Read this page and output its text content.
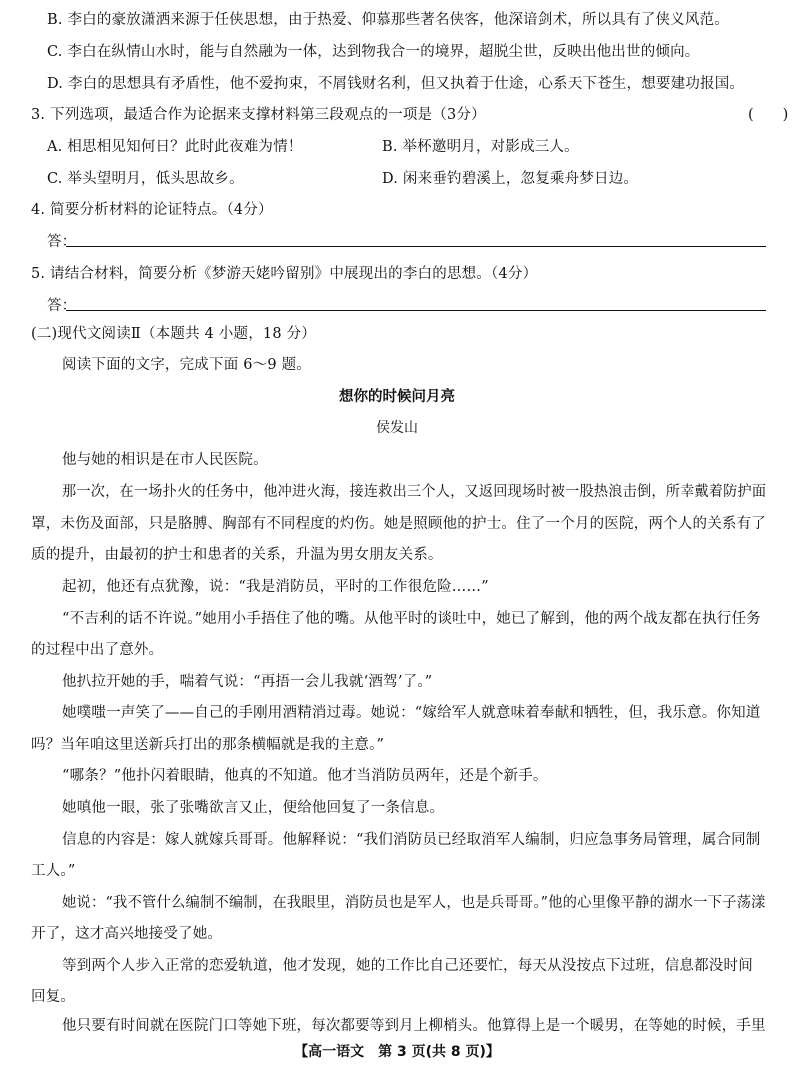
B. 李白的豪放潇洒来源于任侠思想，由于热爱、仰慕那些著名侠客，他深谙剑术，所以具有了侠义风范。
C. 李白在纵情山水时，能与自然融为一体，达到物我合一的境界，超脱尘世，反映出他出世的倾向。
D. 李白的思想具有矛盾性，他不爱拘束，不屑钱财名利，但又执着于仕途，心系天下苍生，想要建功报国。
3. 下列选项，最适合作为论据来支撑材料第三段观点的一项是（3分）	(　　)
A. 相思相见知何日？此时此夜难为情！	B. 举杯邀明月，对影成三人。
C. 举头望明月，低头思故乡。	D. 闲来垂钓碧溪上，忽复乘舟梦日边。
4. 简要分析材料的论证特点。（4分）
答：
5. 请结合材料，简要分析《梦游天姥吟留别》中展现出的李白的思想。（4分）
答：
(二)现代文阅读Ⅱ（本题共 4 小题，18 分）
阅读下面的文字，完成下面 6～9 题。
想你的时候问月亮
侯发山
他与她的相识是在市人民医院。
那一次，在一场扑火的任务中，他冲进火海，接连救出三个人，又返回现场时被一股热浪击倒，所幸戴着防护面
罩，未伤及面部，只是胳膊、胸部有不同程度的灼伤。她是照顾他的护士。住了一个月的医院，两个人的关系有了
质的提升，由最初的护士和患者的关系，升温为男女朋友关系。
起初，他还有点犹豫，说：“我是消防员，平时的工作很危险……”
“不吉利的话不许说。”她用小手捂住了他的嘴。从他平时的谈吐中，她已了解到，他的两个战友都在执行任务
的过程中出了意外。
他扒拉开她的手，喘着气说：“再捂一会儿我就‘酒驾’了。”
她噗嗤一声笑了——自己的手刚用酒精消过毒。她说：“嫁给军人就意味着奉献和牺牲，但，我乐意。你知道
吗？当年咱这里送新兵打出的那条横幅就是我的主意。”
“哪条？”他扑闪着眼睛，他真的不知道。他才当消防员两年，还是个新手。
她嗔他一眼，张了张嘴欲言又止，便给他回复了一条信息。
信息的内容是：嫁人就嫁兵哥哥。他解释说：“我们消防员已经取消军人编制，归应急事务局管理，属合同制
工人。”
她说：“我不管什么编制不编制，在我眼里，消防员也是军人，也是兵哥哥。”他的心里像平静的湖水一下子荡漾
开了，这才高兴地接受了她。
等到两个人步入正常的恋爱轨道，他才发现，她的工作比自己还要忙，每天从没按点下过班，信息都没时间
回复。
他只要有时间就在医院门口等她下班，每次都要等到月上柳梢头。他算得上是一个暖男，在等她的时候，手里
【高一语文　第 3 页(共 8 页)】
